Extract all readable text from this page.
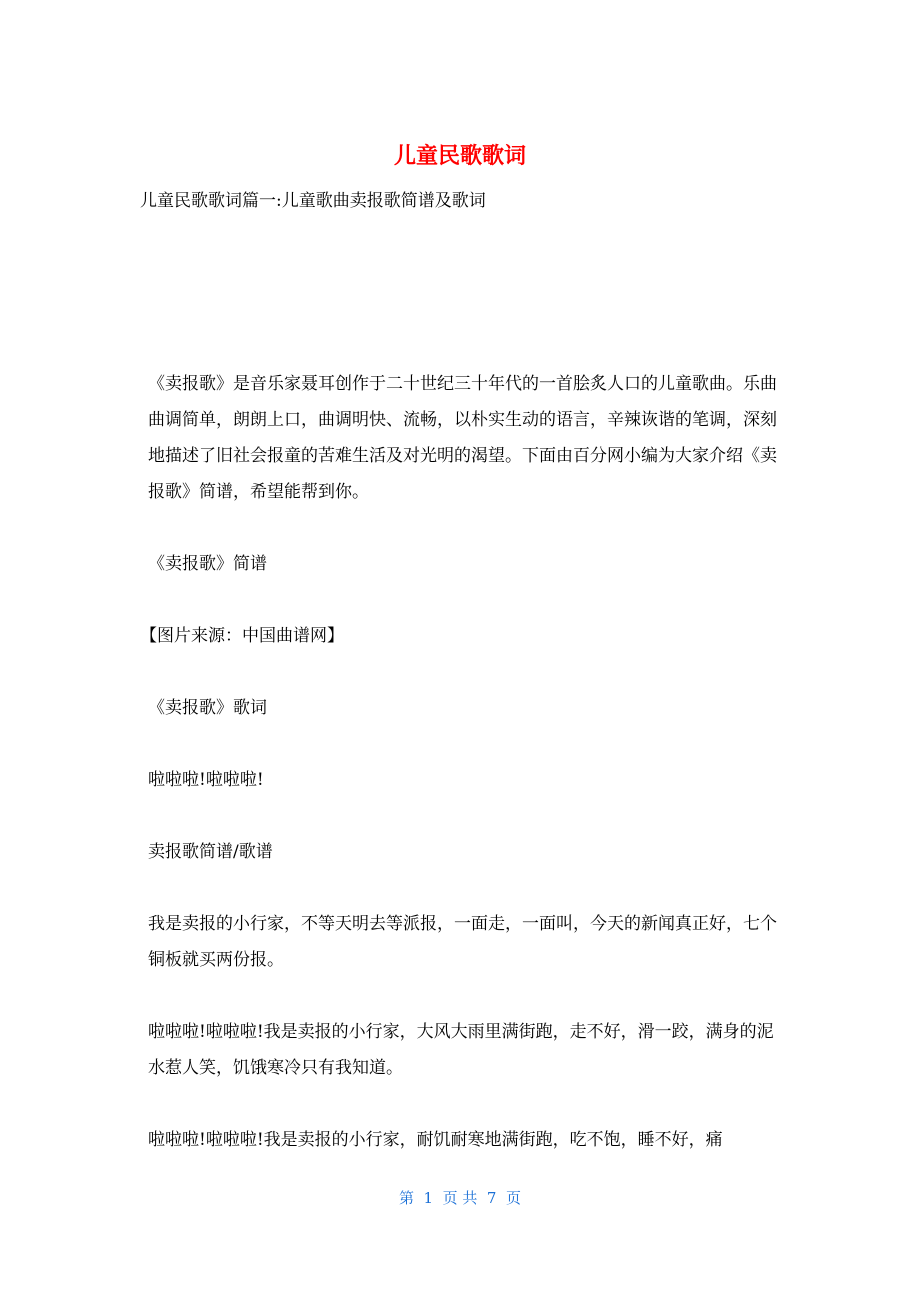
儿童民歌歌词

儿童民歌歌词篇一:儿童歌曲卖报歌简谱及歌词

《卖报歌》是音乐家聂耳创作于二十世纪三十年代的一首脍炙人口的儿童歌曲。乐曲曲调简单，朗朗上口，曲调明快、流畅，以朴实生动的语言，辛辣诙谐的笔调，深刻地描述了旧社会报童的苦难生活及对光明的渴望。下面由百分网小编为大家介绍《卖报歌》简谱，希望能帮到你。

《卖报歌》简谱

【图片来源：中国曲谱网】

《卖报歌》歌词

啦啦啦!啦啦啦!

卖报歌简谱/歌谱

我是卖报的小行家，不等天明去等派报，一面走，一面叫，今天的新闻真正好，七个铜板就买两份报。

啦啦啦!啦啦啦!我是卖报的小行家，大风大雨里满街跑，走不好，滑一跤，满身的泥水惹人笑，饥饿寒冷只有我知道。

啦啦啦!啦啦啦!我是卖报的小行家，耐饥耐寒地满街跑，吃不饱，睡不好，痛

第  1  页 共  7  页
